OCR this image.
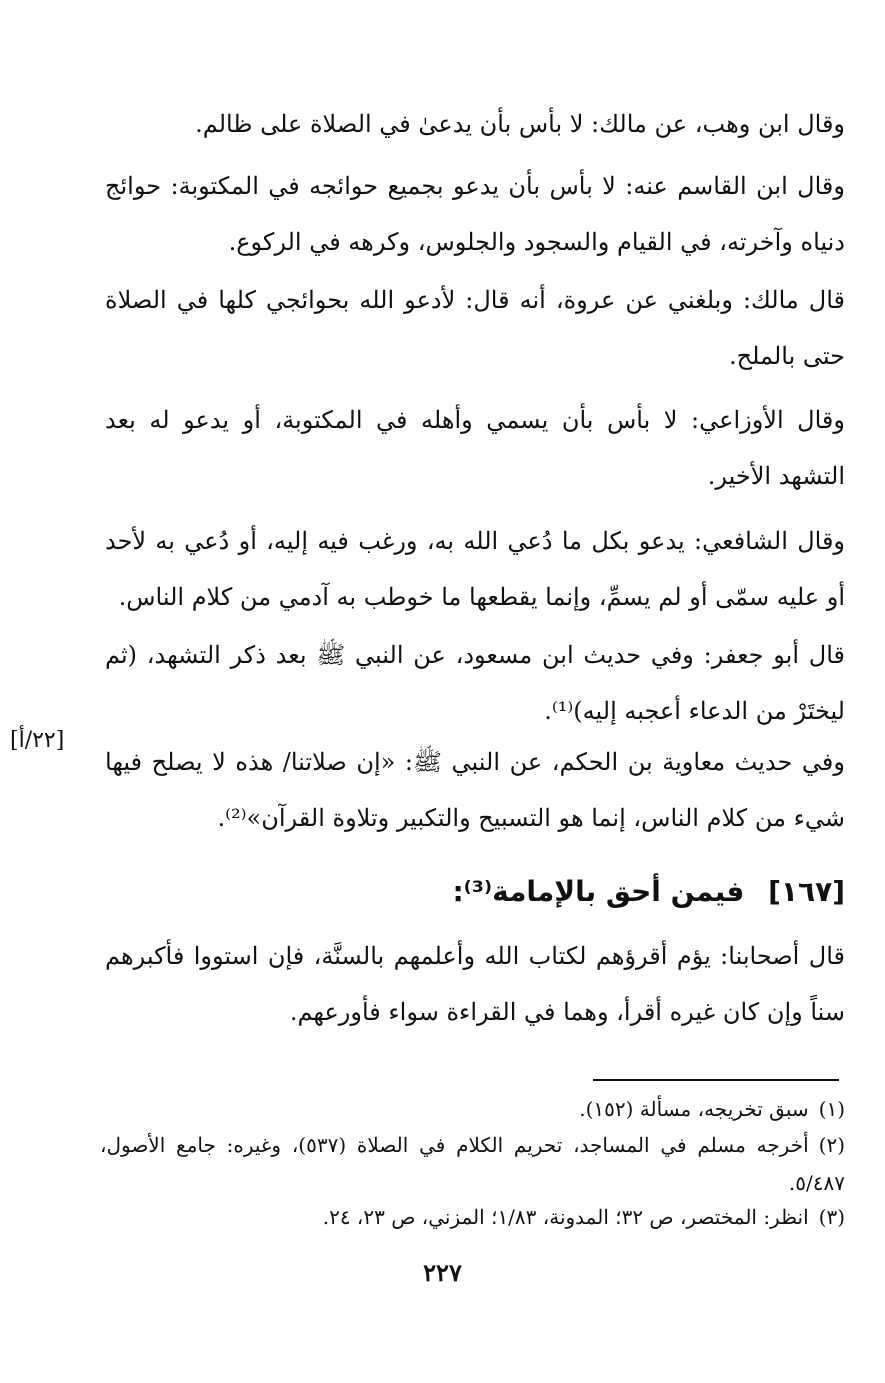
وقال ابن وهب، عن مالك: لا بأس بأن يدعىٰ في الصلاة على ظالم.

وقال ابن القاسم عنه: لا بأس بأن يدعو بجميع حوائجه في المكتوبة: حوائج دنياه وآخرته، في القيام والسجود والجلوس، وكرهه في الركوع.

قال مالك: وبلغني عن عروة، أنه قال: لأدعو الله بحوائجي كلها في الصلاة حتى بالملح.

وقال الأوزاعي: لا بأس بأن يسمي وأهله في المكتوبة، أو يدعو له بعد التشهد الأخير.

وقال الشافعي: يدعو بكل ما دُعي الله به، ورغب فيه إليه، أو دُعي به لأحد أو عليه سمّى أو لم يسمِّ، وإنما يقطعها ما خوطب به آدمي من كلام الناس.

قال أبو جعفر: وفي حديث ابن مسعود، عن النبي ﷺ بعد ذكر التشهد، (ثم ليختَرْ من الدعاء أعجبه إليه)⁽¹⁾.

وفي حديث معاوية بن الحكم، عن النبي ﷺ: «إن صلاتنا/ هذه لا يصلح فيها شيء من كلام الناس، إنما هو التسبيح والتكبير وتلاوة القرآن»⁽²⁾.

[٢٢/أ]
[١٦٧] فيمن أحق بالإمامة⁽³⁾:

قال أصحابنا: يؤم أقرؤهم لكتاب الله وأعلمهم بالسنَّة، فإن استووا فأكبرهم سناً وإن كان غيره أقرأ، وهما في القراءة سواء فأورعهم.

(١)سبق تخريجه، مسألة (١٥٢).

(٢)أخرجه مسلم في المساجد، تحريم الكلام في الصلاة (٥٣٧)، وغيره: جامع الأصول، ٥/٤٨٧.

(٣)انظر: المختصر، ص ٣٢؛ المدونة، ١/٨٣؛ المزني، ص ٢٣، ٢٤.

٢٢٧
